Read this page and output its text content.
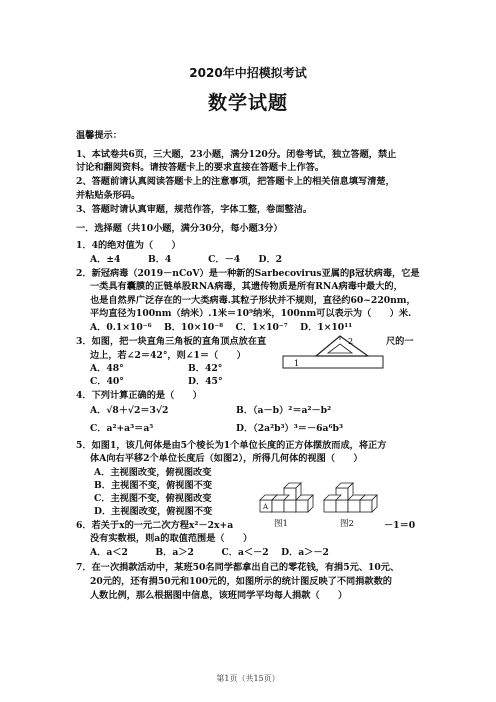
2020年中招模拟考试
数学试题
温馨提示：
1、本试卷共6页，三大题，23小题，满分120分。闭卷考试，独立答题，禁止
讨论和翻阅资料。请按答题卡上的要求直接在答题卡上作答。
2、答题前请认真阅读答题卡上的注意事项，把答题卡上的相关信息填写清楚，
并粘贴条形码。
3、答题时请认真审题，规范作答，字体工整，卷面整洁。
一．选择题（共10小题，满分30分，每小题3分）
1．4的绝对值为（　　）
A．±4　　　B．4　　　　C．－4　　D．2
2．新冠病毒（2019－nCoV）是一种新的Sarbecovirus亚属的β冠状病毒，它是
一类具有囊膜的正链单股RNA病毒，其遗传物质是所有RNA病毒中最大的，
也是自然界广泛存在的一大类病毒.其粒子形状并不规则，直径约60~220nm，
平均直径为100nm（纳米）.1米＝10⁹纳米，100nm可以表示为（　　）米.
A．0.1×10⁻⁶　 B．10×10⁻⁸　 C．1×10⁻⁷　 D．1×10¹¹
3．如图，把一块直角三角板的直角顶点放在直	尺的一
边上，若∠2＝42°，则∠1＝（　　）
A．48°	B．42°
C．40°	D．45°
2
1
4．下列计算正确的是（　　）
A．√8＋√2＝3√2	B．（a－b）²＝a²－b²
C．a²+a³＝a⁵	D．（2a²b³）³＝－6a⁶b³
5．如图1，该几何体是由5个棱长为1个单位长度的正方体摆放而成，将正方
体A向右平移2个单位长度后（如图2），所得几何体的视图（　　）
A．主视图改变，俯视图改变
B．主视图不变，俯视图不变
C．主视图不变，俯视图改变
D．主视图改变，俯视图不变	A
图1	图2
6．若关于x的一元二次方程x²－2x+a	－1＝0
没有实数根，则a的取值范围是（　　）
A．a＜2　　　B．a＞2　　　C．a＜－2　 D．a＞－2
7．在一次捐款活动中，某班50名同学都拿出自己的零花钱，有捐5元、10元、
20元的，还有捐50元和100元的，如图所示的统计图反映了不同捐款数的
人数比例，那么根据图中信息，该班同学平均每人捐款（　　）
第1页（共15页）
